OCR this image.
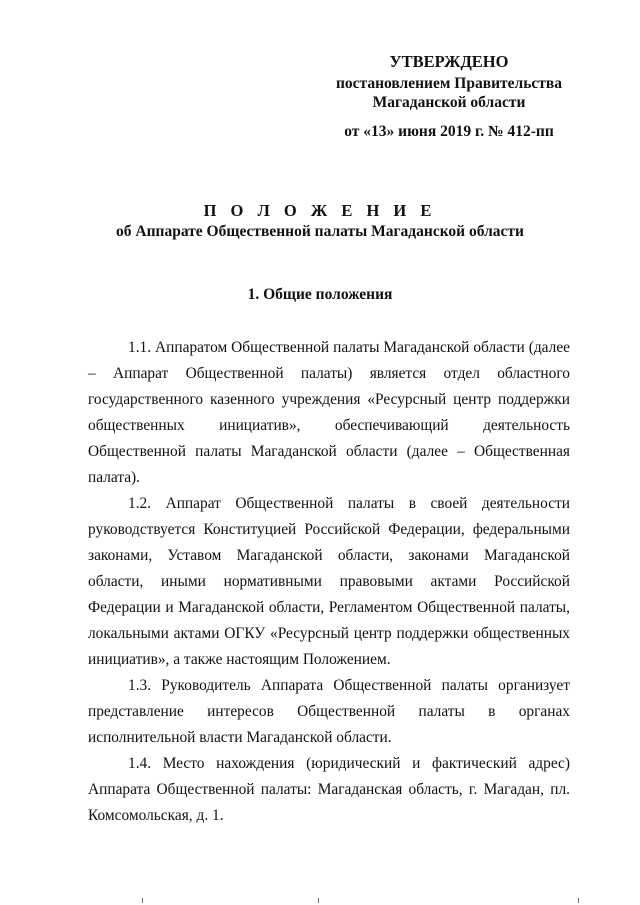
УТВЕРЖДЕНО
постановлением Правительства
Магаданской области
от «13» июня 2019 г. № 412-пп
П О Л О Ж Е Н И Е
об Аппарате Общественной палаты Магаданской области
1. Общие положения

1.1. Аппаратом Общественной палаты Магаданской области (далее – Аппарат Общественной палаты) является отдел областного государственного казенного учреждения «Ресурсный центр поддержки общественных инициатив», обеспечивающий деятельность Общественной палаты Магаданской области (далее – Общественная палата).

1.2. Аппарат Общественной палаты в своей деятельности руководствуется Конституцией Российской Федерации, федеральными законами, Уставом Магаданской области, законами Магаданской области, иными нормативными правовыми актами Российской Федерации и Магаданской области, Регламентом Общественной палаты, локальными актами ОГКУ «Ресурсный центр поддержки общественных инициатив», а также настоящим Положением.

1.3. Руководитель Аппарата Общественной палаты организует представление интересов Общественной палаты в органах исполнительной власти Магаданской области.

1.4. Место нахождения (юридический и фактический адрес) Аппарата Общественной палаты: Магаданская область, г. Магадан, пл. Комсомольская, д. 1.
